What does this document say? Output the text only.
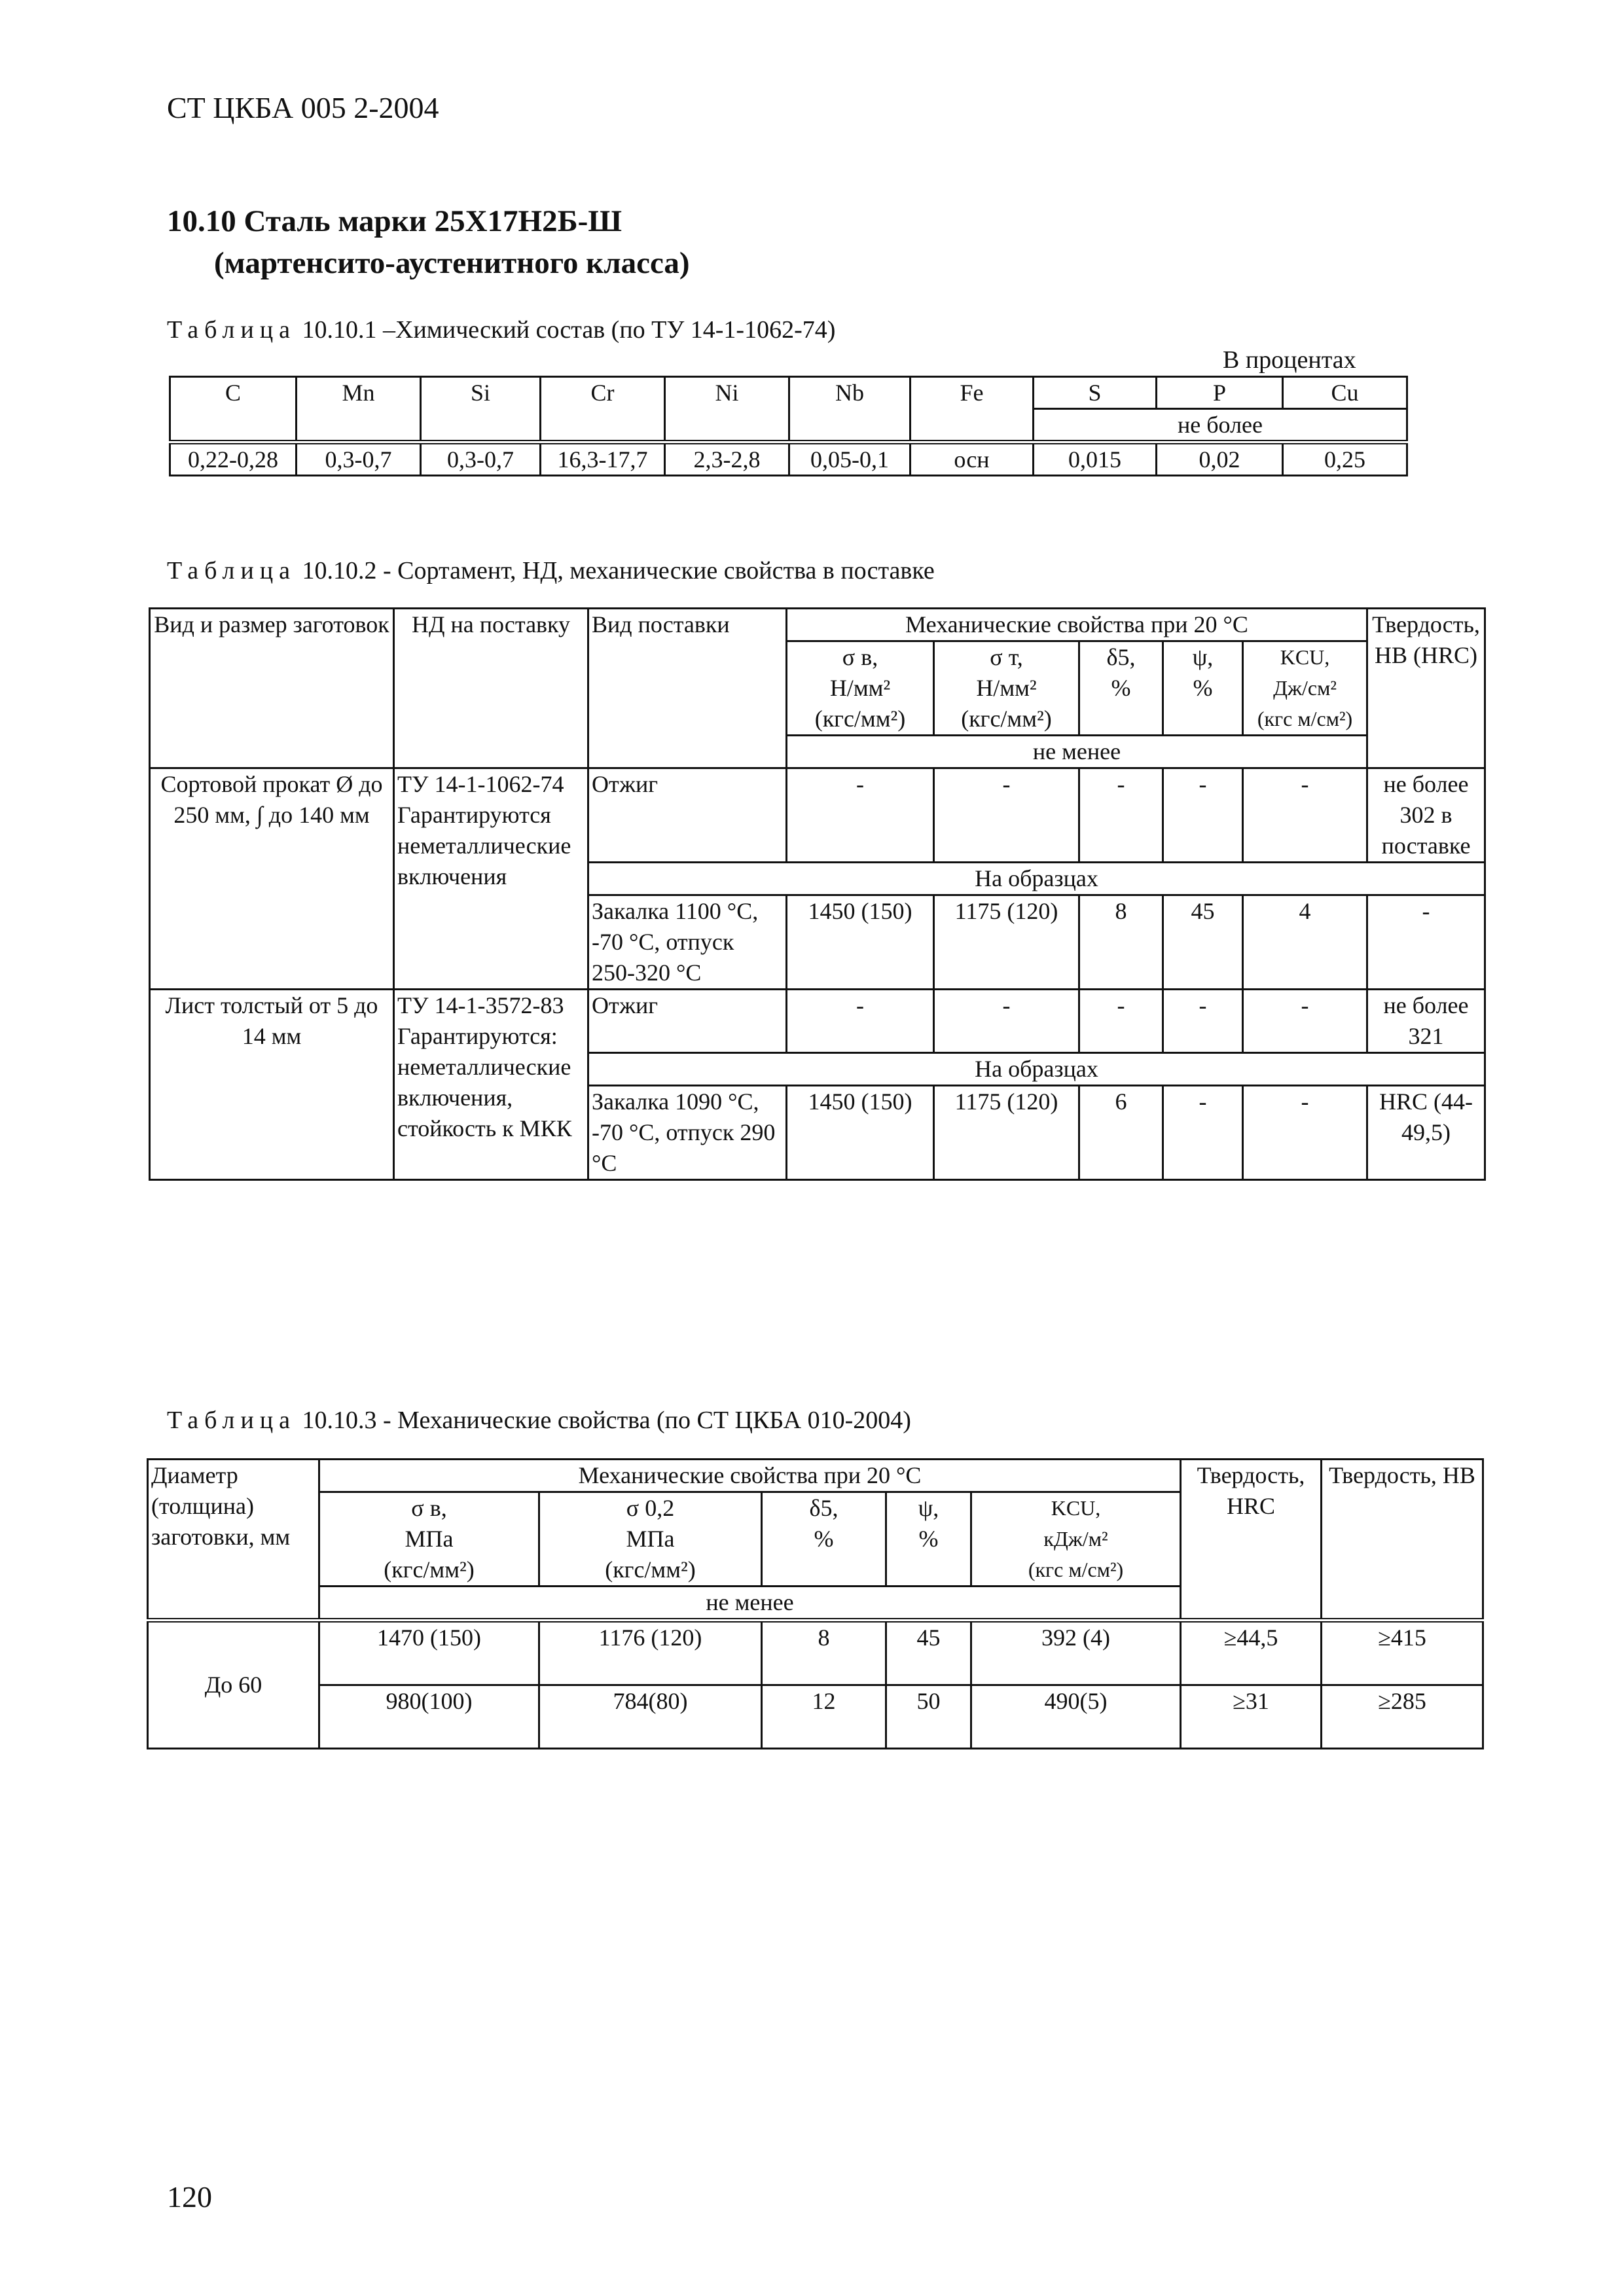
СТ ЦКБА 005 2-2004
10.10 Сталь марки 25Х17Н2Б-Ш
(мартенсито-аустенитного класса)
Таблица 10.10.1 –Химический состав (по ТУ 14-1-1062-74)
В процентах
C	Mn	Si	Cr	Ni	Nb	Fe	S	P	Cu
							не более		
0,22-0,28	0,3-0,7	0,3-0,7	16,3-17,7	2,3-2,8	0,05-0,1	осн	0,015	0,02	0,25
Таблица 10.10.2 - Сортамент, НД, механические свойства в поставке
Вид и размер заготовок	НД на поставку	Вид поставки	Механические свойства при 20 °С					Твердость, НВ (HRC)
			σ в,
Н/мм²
(кгс/мм²)	σ т,
Н/мм²
(кгс/мм²)	δ5,
%	ψ,
%	KCU,
Дж/см²
(кгс м/см²)	
			не менее					
Сортовой прокат Ø до 250 мм, ∫ до 140 мм	ТУ 14-1-1062-74 Гарантируются неметаллические включения	Отжиг	-	-	-	-	-	не более 302 в поставке
		На образцах						
		Закалка 1100 °С, -70 °С, отпуск 250-320 °С	1450 (150)	1175 (120)	8	45	4	-
Лист толстый от 5 до 14 мм	ТУ 14-1-3572-83 Гарантируются: неметаллические включения, стойкость к МКК	Отжиг	-	-	-	-	-	не более 321
		На образцах						
		Закалка 1090 °С, -70 °С, отпуск 290 °С	1450 (150)	1175 (120)	6	-	-	HRC (44-49,5)
Таблица 10.10.3 - Механические свойства (по СТ ЦКБА 010-2004)
Диаметр (толщина) заготовки, мм	Механические свойства при 20 °С					Твердость, HRC	Твердость, НВ
	σ в,
МПа
(кгс/мм²)	σ 0,2
МПа
(кгс/мм²)	δ5,
%	ψ,
%	KCU,
кДж/м²
(кгс м/см²)		
	не менее						
До 60	1470 (150)	1176 (120)	8	45	392 (4)	≥44,5	≥415
	980(100)	784(80)	12	50	490(5)	≥31	≥285
120
